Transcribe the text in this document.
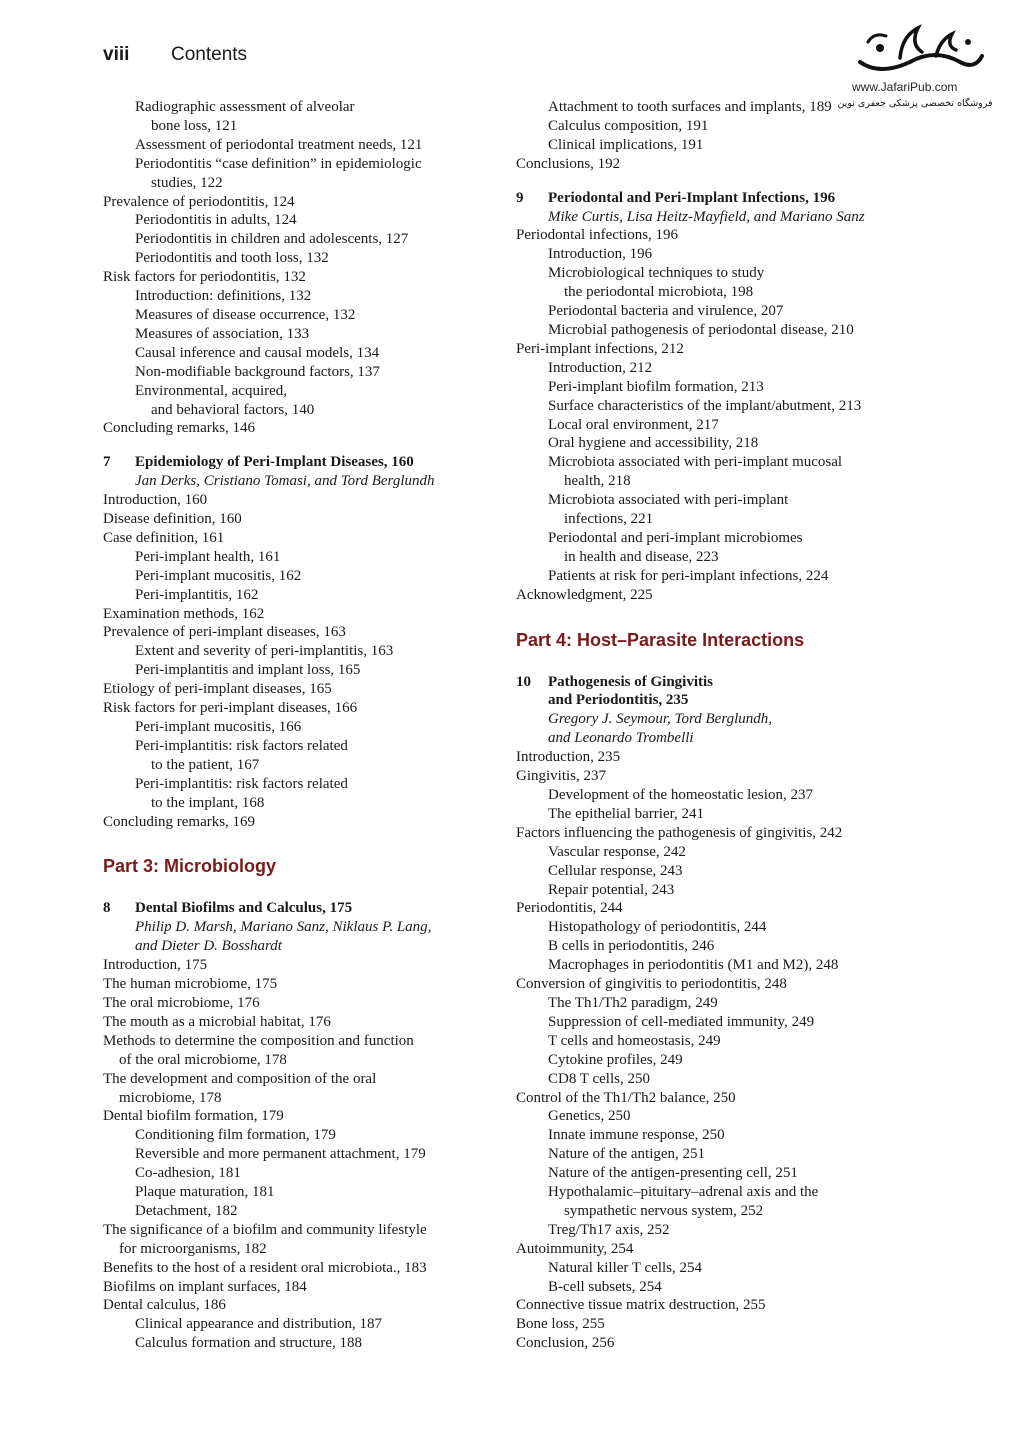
viii Contents
www.JafariPub.com
فروشگاه تخصصی پزشکی جعفری نوین
Radiographic assessment of alveolar
bone loss, 121
Assessment of periodontal treatment needs, 121
Periodontitis “case definition” in epidemiologic
studies, 122
Prevalence of periodontitis, 124
Periodontitis in adults, 124
Periodontitis in children and adolescents, 127
Periodontitis and tooth loss, 132
Risk factors for periodontitis, 132
Introduction: definitions, 132
Measures of disease occurrence, 132
Measures of association, 133
Causal inference and causal models, 134
Non-modifiable background factors, 137
Environmental, acquired,
and behavioral factors, 140
Concluding remarks, 146
7 Epidemiology of Peri-Implant Diseases, 160
Jan Derks, Cristiano Tomasi, and Tord Berglundh
Introduction, 160
Disease definition, 160
Case definition, 161
Peri-implant health, 161
Peri-implant mucositis, 162
Peri-implantitis, 162
Examination methods, 162
Prevalence of peri-implant diseases, 163
Extent and severity of peri-implantitis, 163
Peri-implantitis and implant loss, 165
Etiology of peri-implant diseases, 165
Risk factors for peri-implant diseases, 166
Peri-implant mucositis, 166
Peri-implantitis: risk factors related
to the patient, 167
Peri-implantitis: risk factors related
to the implant, 168
Concluding remarks, 169
Part 3: Microbiology
8 Dental Biofilms and Calculus, 175
Philip D. Marsh, Mariano Sanz, Niklaus P. Lang,
and Dieter D. Bosshardt
Introduction, 175
The human microbiome, 175
The oral microbiome, 176
The mouth as a microbial habitat, 176
Methods to determine the composition and function
of the oral microbiome, 178
The development and composition of the oral
microbiome, 178
Dental biofilm formation, 179
Conditioning film formation, 179
Reversible and more permanent attachment, 179
Co-adhesion, 181
Plaque maturation, 181
Detachment, 182
The significance of a biofilm and community lifestyle
for microorganisms, 182
Benefits to the host of a resident oral microbiota., 183
Biofilms on implant surfaces, 184
Dental calculus, 186
Clinical appearance and distribution, 187
Calculus formation and structure, 188
Attachment to tooth surfaces and implants, 189
Calculus composition, 191
Clinical implications, 191
Conclusions, 192
9 Periodontal and Peri-Implant Infections, 196
Mike Curtis, Lisa Heitz-Mayfield, and Mariano Sanz
Periodontal infections, 196
Introduction, 196
Microbiological techniques to study
the periodontal microbiota, 198
Periodontal bacteria and virulence, 207
Microbial pathogenesis of periodontal disease, 210
Peri-implant infections, 212
Introduction, 212
Peri-implant biofilm formation, 213
Surface characteristics of the implant/abutment, 213
Local oral environment, 217
Oral hygiene and accessibility, 218
Microbiota associated with peri-implant mucosal
health, 218
Microbiota associated with peri-implant
infections, 221
Periodontal and peri-implant microbiomes
in health and disease, 223
Patients at risk for peri-implant infections, 224
Acknowledgment, 225
Part 4: Host–Parasite Interactions
10 Pathogenesis of Gingivitis
and Periodontitis, 235
Gregory J. Seymour, Tord Berglundh,
and Leonardo Trombelli
Introduction, 235
Gingivitis, 237
Development of the homeostatic lesion, 237
The epithelial barrier, 241
Factors influencing the pathogenesis of gingivitis, 242
Vascular response, 242
Cellular response, 243
Repair potential, 243
Periodontitis, 244
Histopathology of periodontitis, 244
B cells in periodontitis, 246
Macrophages in periodontitis (M1 and M2), 248
Conversion of gingivitis to periodontitis, 248
The Th1/Th2 paradigm, 249
Suppression of cell-mediated immunity, 249
T cells and homeostasis, 249
Cytokine profiles, 249
CD8 T cells, 250
Control of the Th1/Th2 balance, 250
Genetics, 250
Innate immune response, 250
Nature of the antigen, 251
Nature of the antigen-presenting cell, 251
Hypothalamic–pituitary–adrenal axis and the
sympathetic nervous system, 252
Treg/Th17 axis, 252
Autoimmunity, 254
Natural killer T cells, 254
B-cell subsets, 254
Connective tissue matrix destruction, 255
Bone loss, 255
Conclusion, 256
